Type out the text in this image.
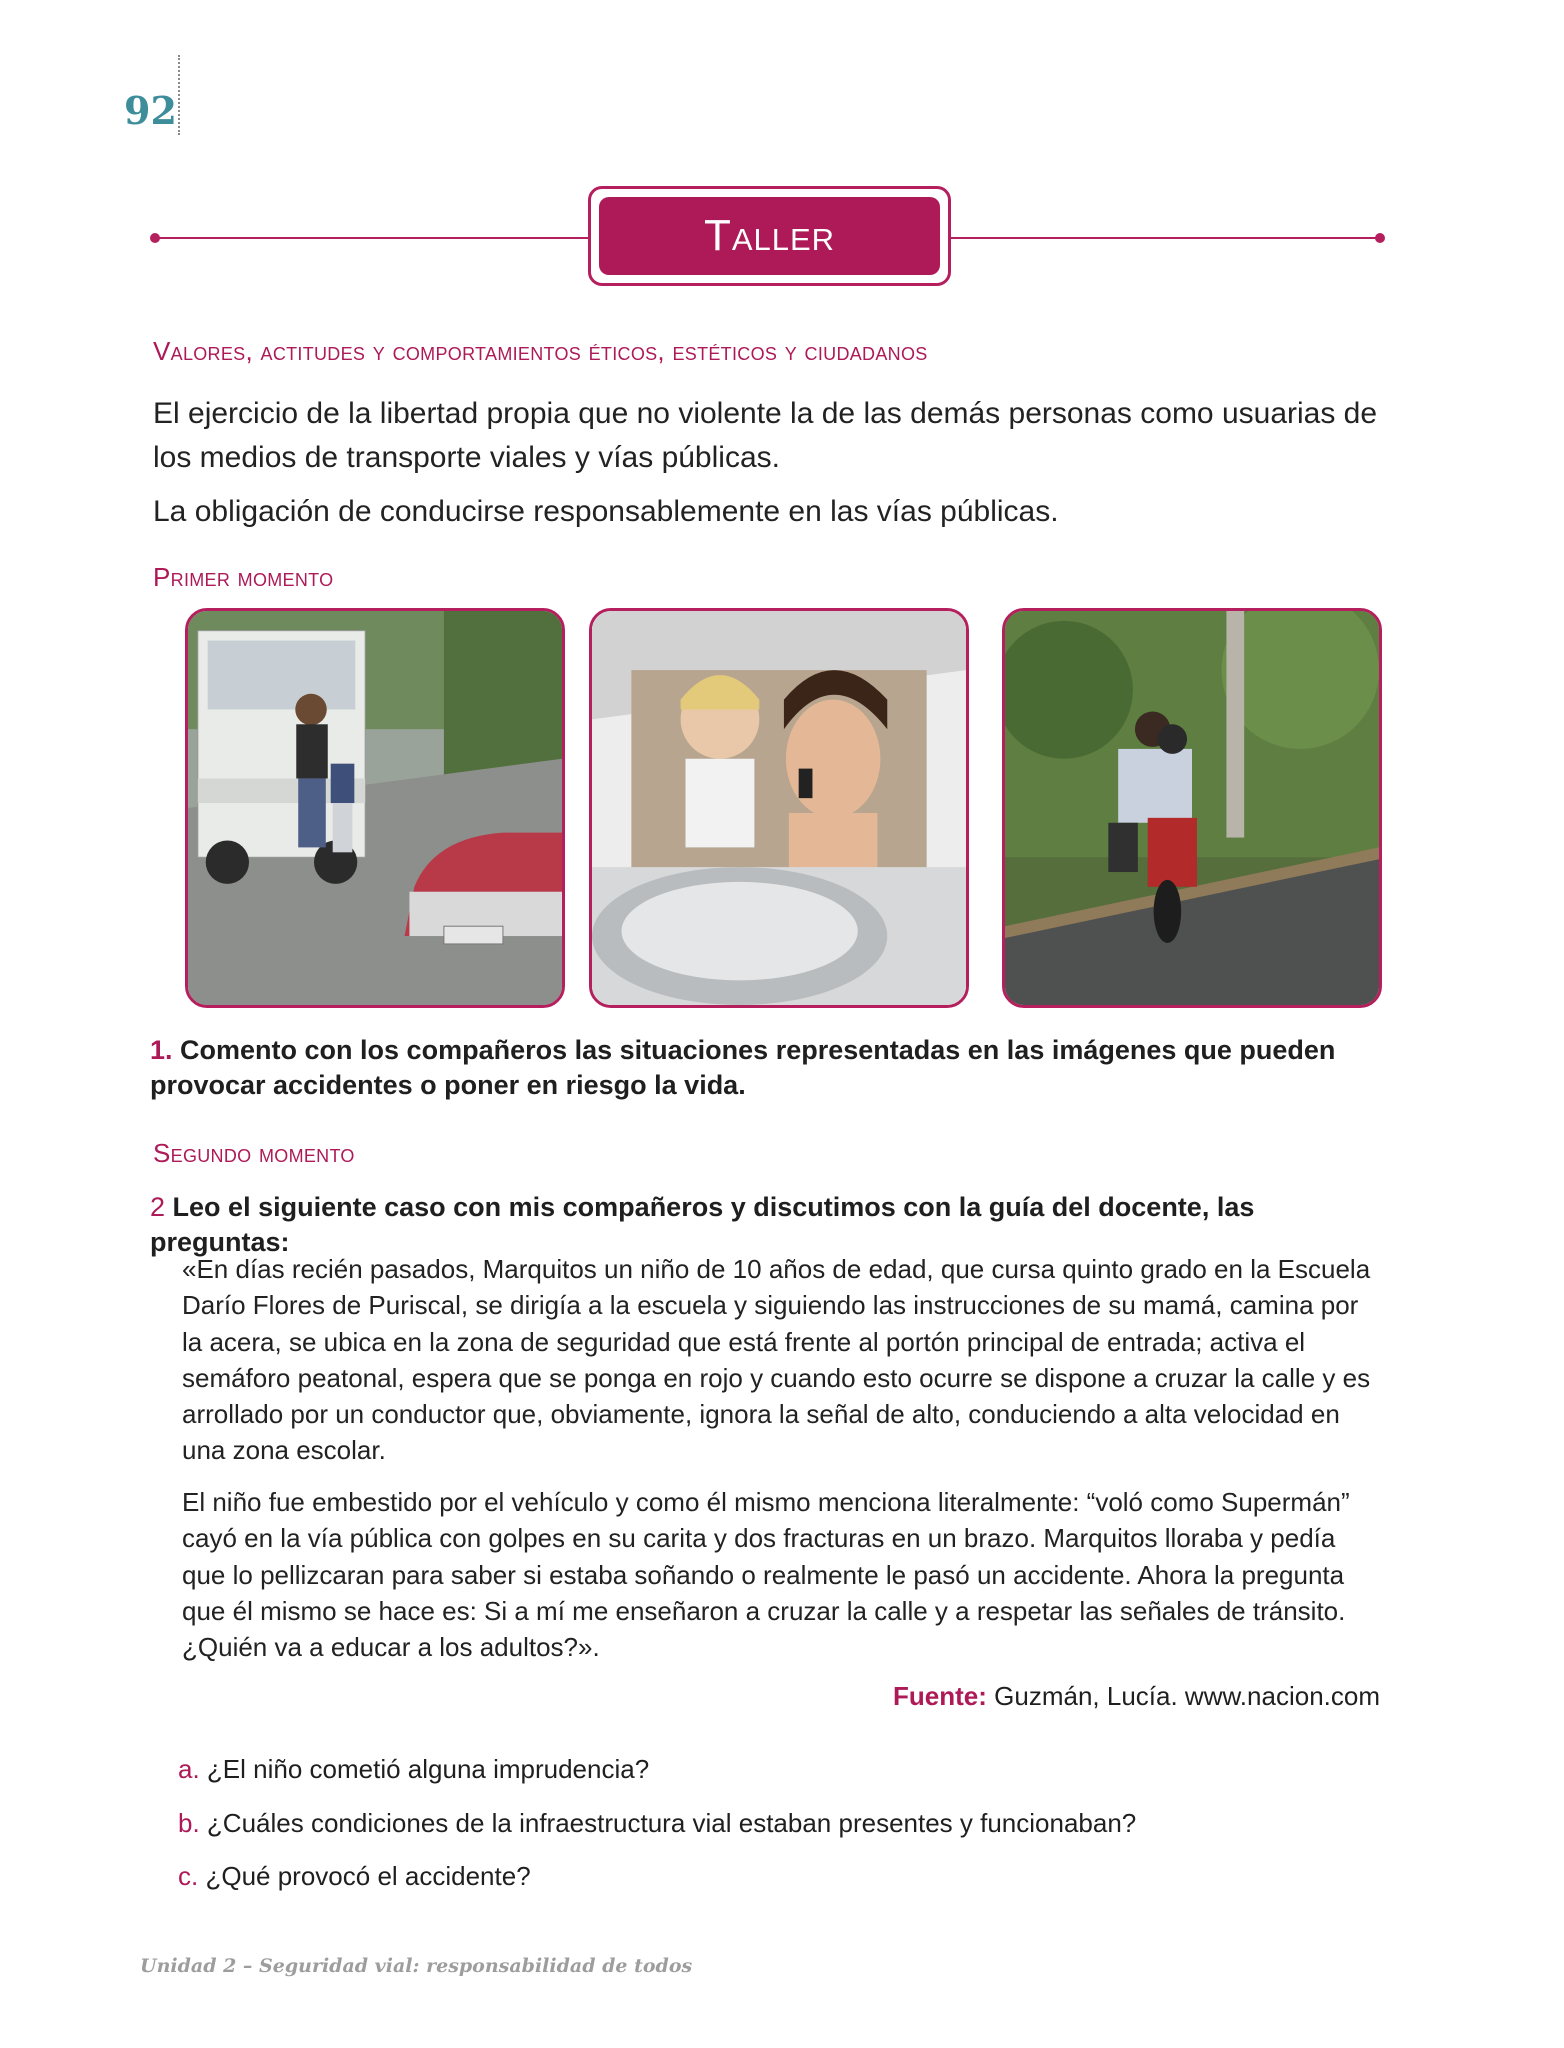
92
Taller
Valores, actitudes y comportamientos éticos, estéticos y ciudadanos
El ejercicio de la libertad propia que no violente la de las demás personas como usuarias de los medios de transporte viales y vías públicas.
La obligación de conducirse responsablemente en las vías públicas.
Primer momento
1. Comento con los compañeros las situaciones representadas en las imágenes que pueden provocar accidentes o poner en riesgo la vida.
Segundo momento
2 Leo el siguiente caso con mis compañeros y discutimos con la guía del docente, las preguntas:
«En días recién pasados, Marquitos un niño de 10 años de edad, que cursa quinto grado en la Escuela Darío Flores de Puriscal, se dirigía a la escuela y siguiendo las instrucciones de su mamá, camina por la acera, se ubica en la zona de seguridad que está frente al portón principal de entrada; activa el semáforo peatonal, espera que se ponga en rojo y cuando esto ocurre se dispone a cruzar la calle y es arrollado por un conductor que, obviamente, ignora la señal de alto, conduciendo a alta velocidad en una zona escolar.
El niño fue embestido por el vehículo y como él mismo menciona literalmente: “voló como Supermán” cayó en la vía pública con golpes en su carita y dos fracturas en un brazo. Marquitos lloraba y pedía que lo pellizcaran para saber si estaba soñando o realmente le pasó un accidente. Ahora la pregunta que él mismo se hace es: Si a mí me enseñaron a cruzar la calle y a respetar las señales de tránsito. ¿Quién va a educar a los adultos?».
Fuente: Guzmán, Lucía. www.nacion.com
a. ¿El niño cometió alguna imprudencia?
b. ¿Cuáles condiciones de la infraestructura vial estaban presentes y funcionaban?
c. ¿Qué provocó el accidente?
Unidad 2 – Seguridad vial: responsabilidad de todos
